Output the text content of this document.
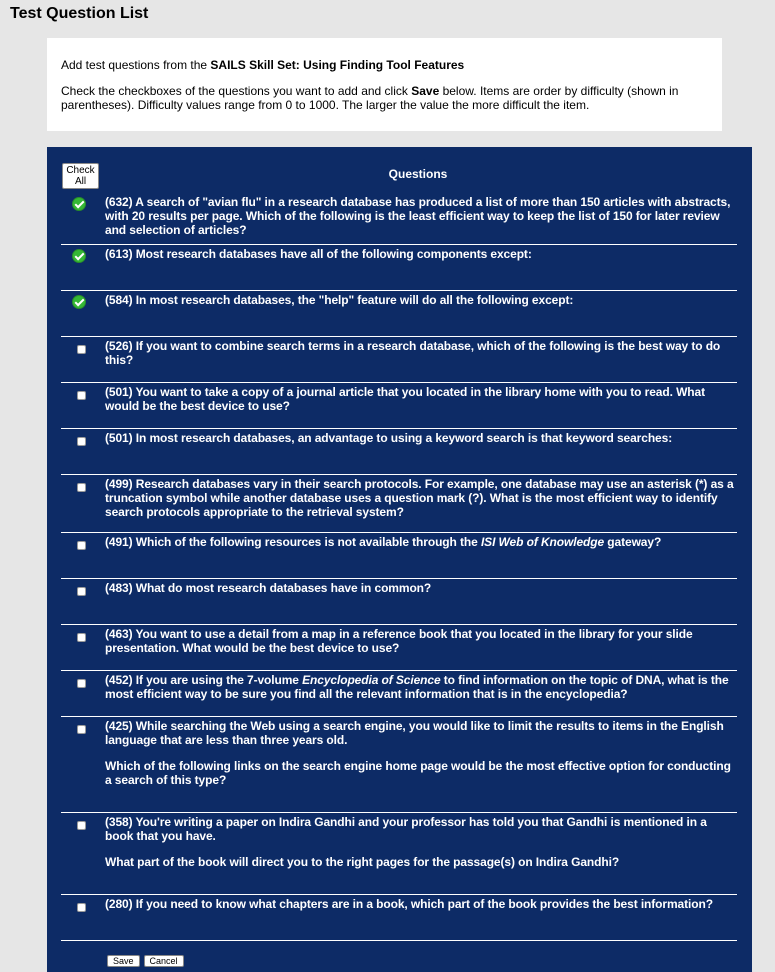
Test Question List

Add test questions from the SAILS Skill Set: Using Finding Tool Features

Check the checkboxes of the questions you want to add and click Save below. Items are order by difficulty (shown in parentheses). Difficulty values range from 0 to 1000. The larger the value the more difficult the item.

Check All
Questions
(632) A search of "avian flu" in a research database has produced a list of more than 150 articles with abstracts, with 20 results per page. Which of the following is the least efficient way to keep the list of 150 for later review and selection of articles?
(613) Most research databases have all of the following components except:
(584) In most research databases, the "help" feature will do all the following except:
(526) If you want to combine search terms in a research database, which of the following is the best way to do this?
(501) You want to take a copy of a journal article that you located in the library home with you to read. What would be the best device to use?
(501) In most research databases, an advantage to using a keyword search is that keyword searches:
(499) Research databases vary in their search protocols. For example, one database may use an asterisk (*) as a truncation symbol while another database uses a question mark (?). What is the most efficient way to identify search protocols appropriate to the retrieval system?
(491) Which of the following resources is not available through the ISI Web of Knowledge gateway?
(483) What do most research databases have in common?
(463) You want to use a detail from a map in a reference book that you located in the library for your slide presentation. What would be the best device to use?
(452) If you are using the 7-volume Encyclopedia of Science to find information on the topic of DNA, what is the most efficient way to be sure you find all the relevant information that is in the encyclopedia?
(425) While searching the Web using a search engine, you would like to limit the results to items in the English language that are less than three years old.
Which of the following links on the search engine home page would be the most effective option for conducting a search of this type?
(358) You're writing a paper on Indira Gandhi and your professor has told you that Gandhi is mentioned in a book that you have.
What part of the book will direct you to the right pages for the passage(s) on Indira Gandhi?
(280) If you need to know what chapters are in a book, which part of the book provides the best information?
Save Cancel
